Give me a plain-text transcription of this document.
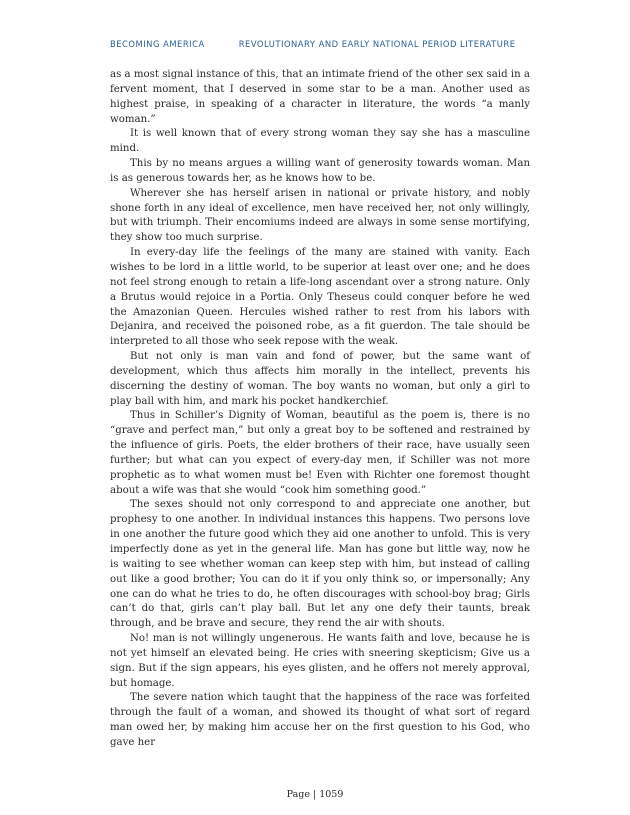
BECOMING AMERICA	REVOLUTIONARY AND EARLY NATIONAL PERIOD LITERATURE

as a most signal instance of this, that an intimate friend of the other sex said in a fervent moment, that I deserved in some star to be a man. Another used as highest praise, in speaking of a character in literature, the words “a manly woman.”

It is well known that of every strong woman they say she has a masculine mind.

This by no means argues a willing want of generosity towards woman. Man is as generous towards her, as he knows how to be.

Wherever she has herself arisen in national or private history, and nobly shone forth in any ideal of excellence, men have received her, not only willingly, but with triumph. Their encomiums indeed are always in some sense mortifying, they show too much surprise.

In every-day life the feelings of the many are stained with vanity. Each wishes to be lord in a little world, to be superior at least over one; and he does not feel strong enough to retain a life-long ascendant over a strong nature. Only a Brutus would rejoice in a Portia. Only Theseus could conquer before he wed the Amazonian Queen. Hercules wished rather to rest from his labors with Dejanira, and received the poisoned robe, as a fit guerdon. The tale should be interpreted to all those who seek repose with the weak.

But not only is man vain and fond of power, but the same want of development, which thus affects him morally in the intellect, prevents his discerning the destiny of woman. The boy wants no woman, but only a girl to play ball with him, and mark his pocket handkerchief.

Thus in Schiller’s Dignity of Woman, beautiful as the poem is, there is no “grave and perfect man,” but only a great boy to be softened and restrained by the influence of girls. Poets, the elder brothers of their race, have usually seen further; but what can you expect of every-day men, if Schiller was not more prophetic as to what women must be! Even with Richter one foremost thought about a wife was that she would “cook him something good.”

The sexes should not only correspond to and appreciate one another, but prophesy to one another. In individual instances this happens. Two persons love in one another the future good which they aid one another to unfold. This is very imperfectly done as yet in the general life. Man has gone but little way, now he is waiting to see whether woman can keep step with him, but instead of calling out like a good brother; You can do it if you only think so, or impersonally; Any one can do what he tries to do, he often discourages with school-boy brag; Girls can’t do that, girls can’t play ball. But let any one defy their taunts, break through, and be brave and secure, they rend the air with shouts.

No! man is not willingly ungenerous. He wants faith and love, because he is not yet himself an elevated being. He cries with sneering skepticism; Give us a sign. But if the sign appears, his eyes glisten, and he offers not merely approval, but homage.

The severe nation which taught that the happiness of the race was forfeited through the fault of a woman, and showed its thought of what sort of regard man owed her, by making him accuse her on the first question to his God, who gave her

Page | 1059
